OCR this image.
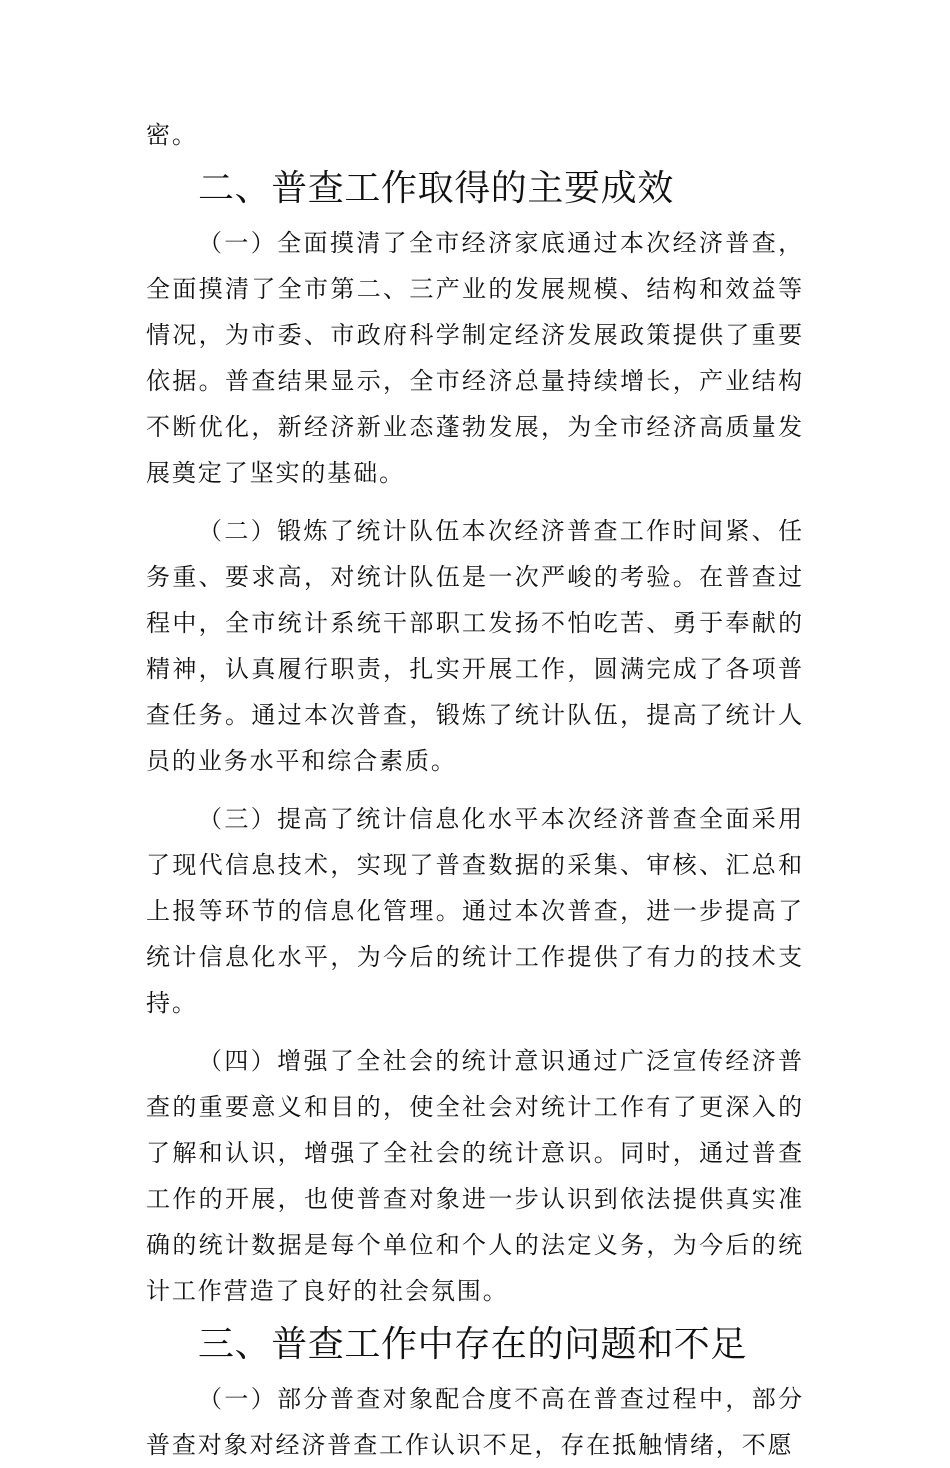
密。

二、普查工作取得的主要成效

（一）全面摸清了全市经济家底通过本次经济普查，全面摸清了全市第二、三产业的发展规模、结构和效益等情况，为市委、市政府科学制定经济发展政策提供了重要依据。普查结果显示，全市经济总量持续增长，产业结构不断优化，新经济新业态蓬勃发展，为全市经济高质量发展奠定了坚实的基础。

（二）锻炼了统计队伍本次经济普查工作时间紧、任务重、要求高，对统计队伍是一次严峻的考验。在普查过程中，全市统计系统干部职工发扬不怕吃苦、勇于奉献的精神，认真履行职责，扎实开展工作，圆满完成了各项普查任务。通过本次普查，锻炼了统计队伍，提高了统计人员的业务水平和综合素质。

（三）提高了统计信息化水平本次经济普查全面采用了现代信息技术，实现了普查数据的采集、审核、汇总和上报等环节的信息化管理。通过本次普查，进一步提高了统计信息化水平，为今后的统计工作提供了有力的技术支持。

（四）增强了全社会的统计意识通过广泛宣传经济普查的重要意义和目的，使全社会对统计工作有了更深入的了解和认识，增强了全社会的统计意识。同时，通过普查工作的开展，也使普查对象进一步认识到依法提供真实准确的统计数据是每个单位和个人的法定义务，为今后的统计工作营造了良好的社会氛围。

三、普查工作中存在的问题和不足

（一）部分普查对象配合度不高在普查过程中，部分普查对象对经济普查工作认识不足，存在抵触情绪，不愿
